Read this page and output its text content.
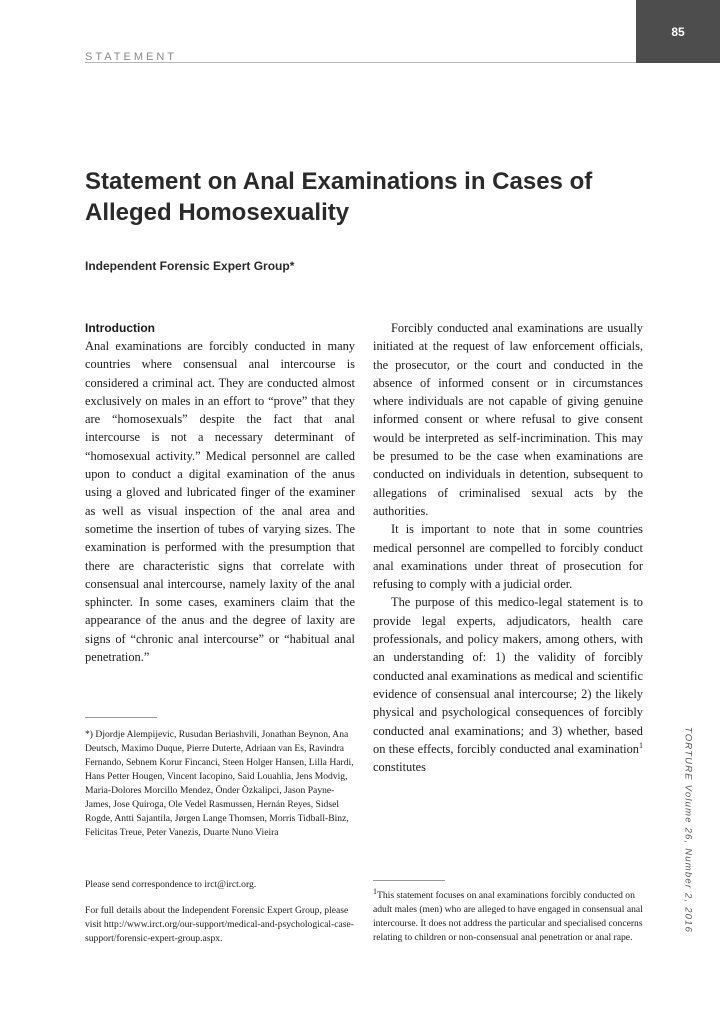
85
STATEMENT
Statement on Anal Examinations in Cases of Alleged Homosexuality
Independent Forensic Expert Group*
Introduction

Anal examinations are forcibly conducted in many countries where consensual anal intercourse is considered a criminal act. They are conducted almost exclusively on males in an effort to “prove” that they are “homosexuals” despite the fact that anal intercourse is not a necessary determinant of “homosexual activity.” Medical personnel are called upon to conduct a digital examination of the anus using a gloved and lubricated finger of the examiner as well as visual inspection of the anal area and sometime the insertion of tubes of varying sizes. The examination is performed with the presumption that there are characteristic signs that correlate with consensual anal intercourse, namely laxity of the anal sphincter. In some cases, examiners claim that the appearance of the anus and the degree of laxity are signs of “chronic anal intercourse” or “habitual anal penetration.”

Forcibly conducted anal examinations are usually initiated at the request of law enforcement officials, the prosecutor, or the court and conducted in the absence of informed consent or in circumstances where individuals are not capable of giving genuine informed consent or where refusal to give consent would be interpreted as self-incrimination. This may be presumed to be the case when examinations are conducted on individuals in detention, subsequent to allegations of criminalised sexual acts by the authorities.

It is important to note that in some countries medical personnel are compelled to forcibly conduct anal examinations under threat of prosecution for refusing to comply with a judicial order.

The purpose of this medico-legal statement is to provide legal experts, adjudicators, health care professionals, and policy makers, among others, with an understanding of: 1) the validity of forcibly conducted anal examinations as medical and scientific evidence of consensual anal intercourse; 2) the likely physical and psychological consequences of forcibly conducted anal examinations; and 3) whether, based on these effects, forcibly conducted anal examination$^1$ constitutes

*) Djordje Alempijevic, Rusudan Beriashvili, Jonathan Beynon, Ana Deutsch, Maximo Duque, Pierre Duterte, Adriaan van Es, Ravindra Fernando, Sebnem Korur Fincanci, Steen Holger Hansen, Lilla Hardi, Hans Petter Hougen, Vincent Iacopino, Said Louahlia, Jens Modvig, Maria-Dolores Morcillo Mendez, Önder Özkalipci, Jason Payne-James, Jose Quiroga, Ole Vedel Rasmussen, Hernán Reyes, Sidsel Rogde, Antti Sajantila, Jørgen Lange Thomsen, Morris Tidball-Binz, Felicitas Treue, Peter Vanezis, Duarte Nuno Vieira

Please send correspondence to irct@irct.org.

For full details about the Independent Forensic Expert Group, please visit http://www.irct.org/our-support/medical-and-psychological-case-support/forensic-expert-group.aspx.

$^1$This statement focuses on anal examinations forcibly conducted on adult males (men) who are alleged to have engaged in consensual anal intercourse. It does not address the particular and specialised concerns relating to children or non-consensual anal penetration or anal rape.

TORTURE Volume 26, Number 2, 2016
